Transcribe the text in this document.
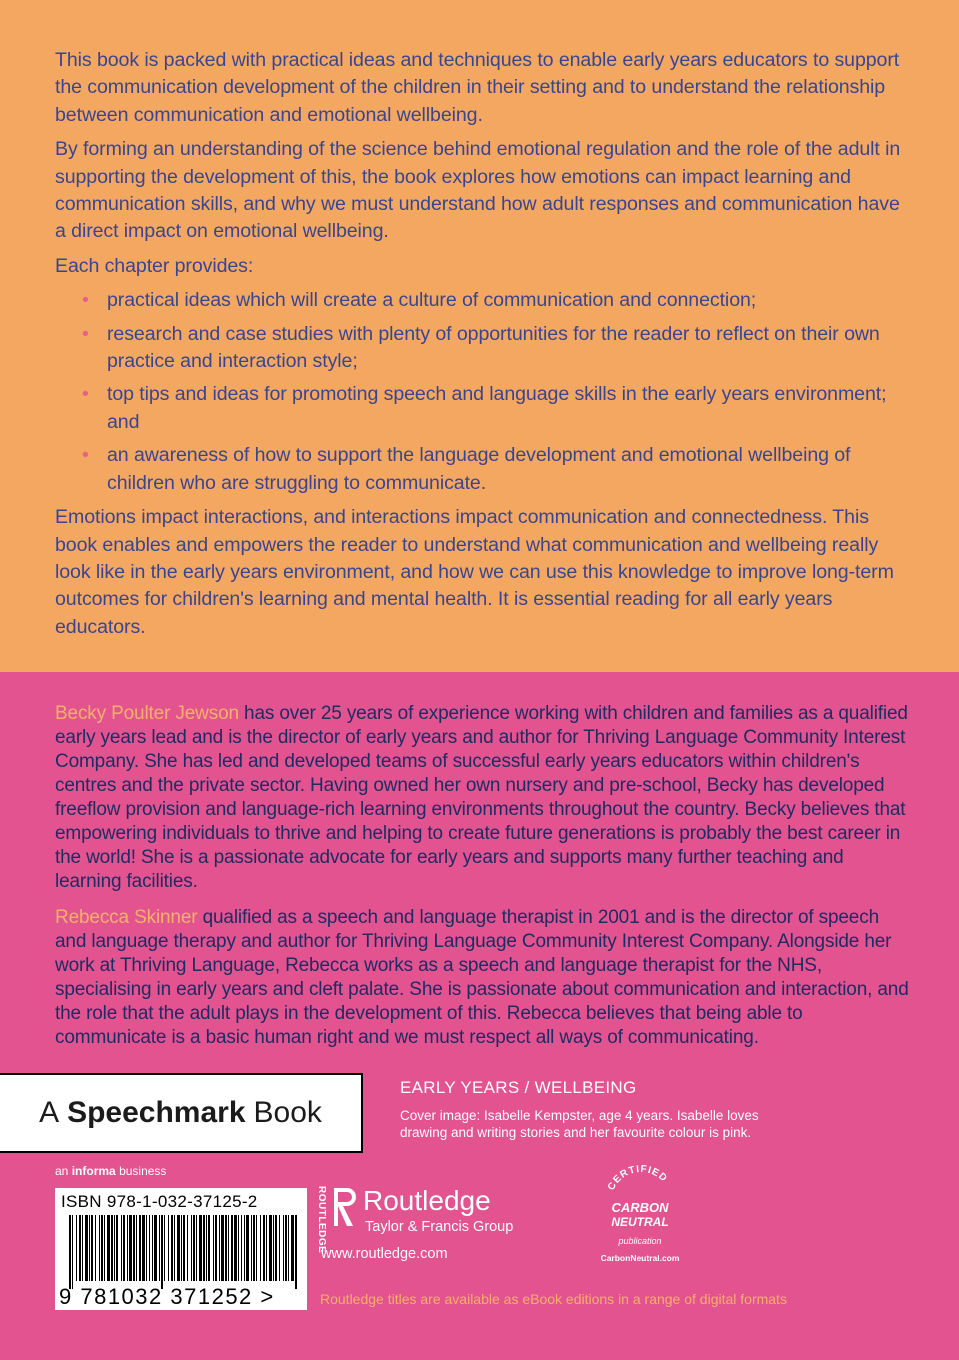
This book is packed with practical ideas and techniques to enable early years educators to support the communication development of the children in their setting and to understand the relationship between communication and emotional wellbeing.

By forming an understanding of the science behind emotional regulation and the role of the adult in supporting the development of this, the book explores how emotions can impact learning and communication skills, and why we must understand how adult responses and communication have a direct impact on emotional wellbeing.

Each chapter provides:

• practical ideas which will create a culture of communication and connection;
• research and case studies with plenty of opportunities for the reader to reflect on their own practice and interaction style;
• top tips and ideas for promoting speech and language skills in the early years environment; and
• an awareness of how to support the language development and emotional wellbeing of children who are struggling to communicate.

Emotions impact interactions, and interactions impact communication and connectedness. This book enables and empowers the reader to understand what communication and wellbeing really look like in the early years environment, and how we can use this knowledge to improve long-term outcomes for children's learning and mental health. It is essential reading for all early years educators.

Becky Poulter Jewson has over 25 years of experience working with children and families as a qualified early years lead and is the director of early years and author for Thriving Language Community Interest Company. She has led and developed teams of successful early years educators within children's centres and the private sector. Having owned her own nursery and pre-school, Becky has developed freeflow provision and language-rich learning environments throughout the country. Becky believes that empowering individuals to thrive and helping to create future generations is probably the best career in the world! She is a passionate advocate for early years and supports many further teaching and learning facilities.

Rebecca Skinner qualified as a speech and language therapist in 2001 and is the director of speech and language therapy and author for Thriving Language Community Interest Company. Alongside her work at Thriving Language, Rebecca works as a speech and language therapist for the NHS, specialising in early years and cleft palate. She is passionate about communication and interaction, and the role that the adult plays in the development of this. Rebecca believes that being able to communicate is a basic human right and we must respect all ways of communicating.

A Speechmark Book
EARLY YEARS / WELLBEING
Cover image: Isabelle Kempster, age 4 years. Isabelle loves drawing and writing stories and her favourite colour is pink.
an informa business
ISBN 978-1-032-37125-2
9 781032 371252 >
ROUTLEDGE Routledge
Taylor & Francis Group
www.routledge.com
CERTIFIED
CARBON
NEUTRAL
publication
CarbonNeutral.com
Routledge titles are available as eBook editions in a range of digital formats
